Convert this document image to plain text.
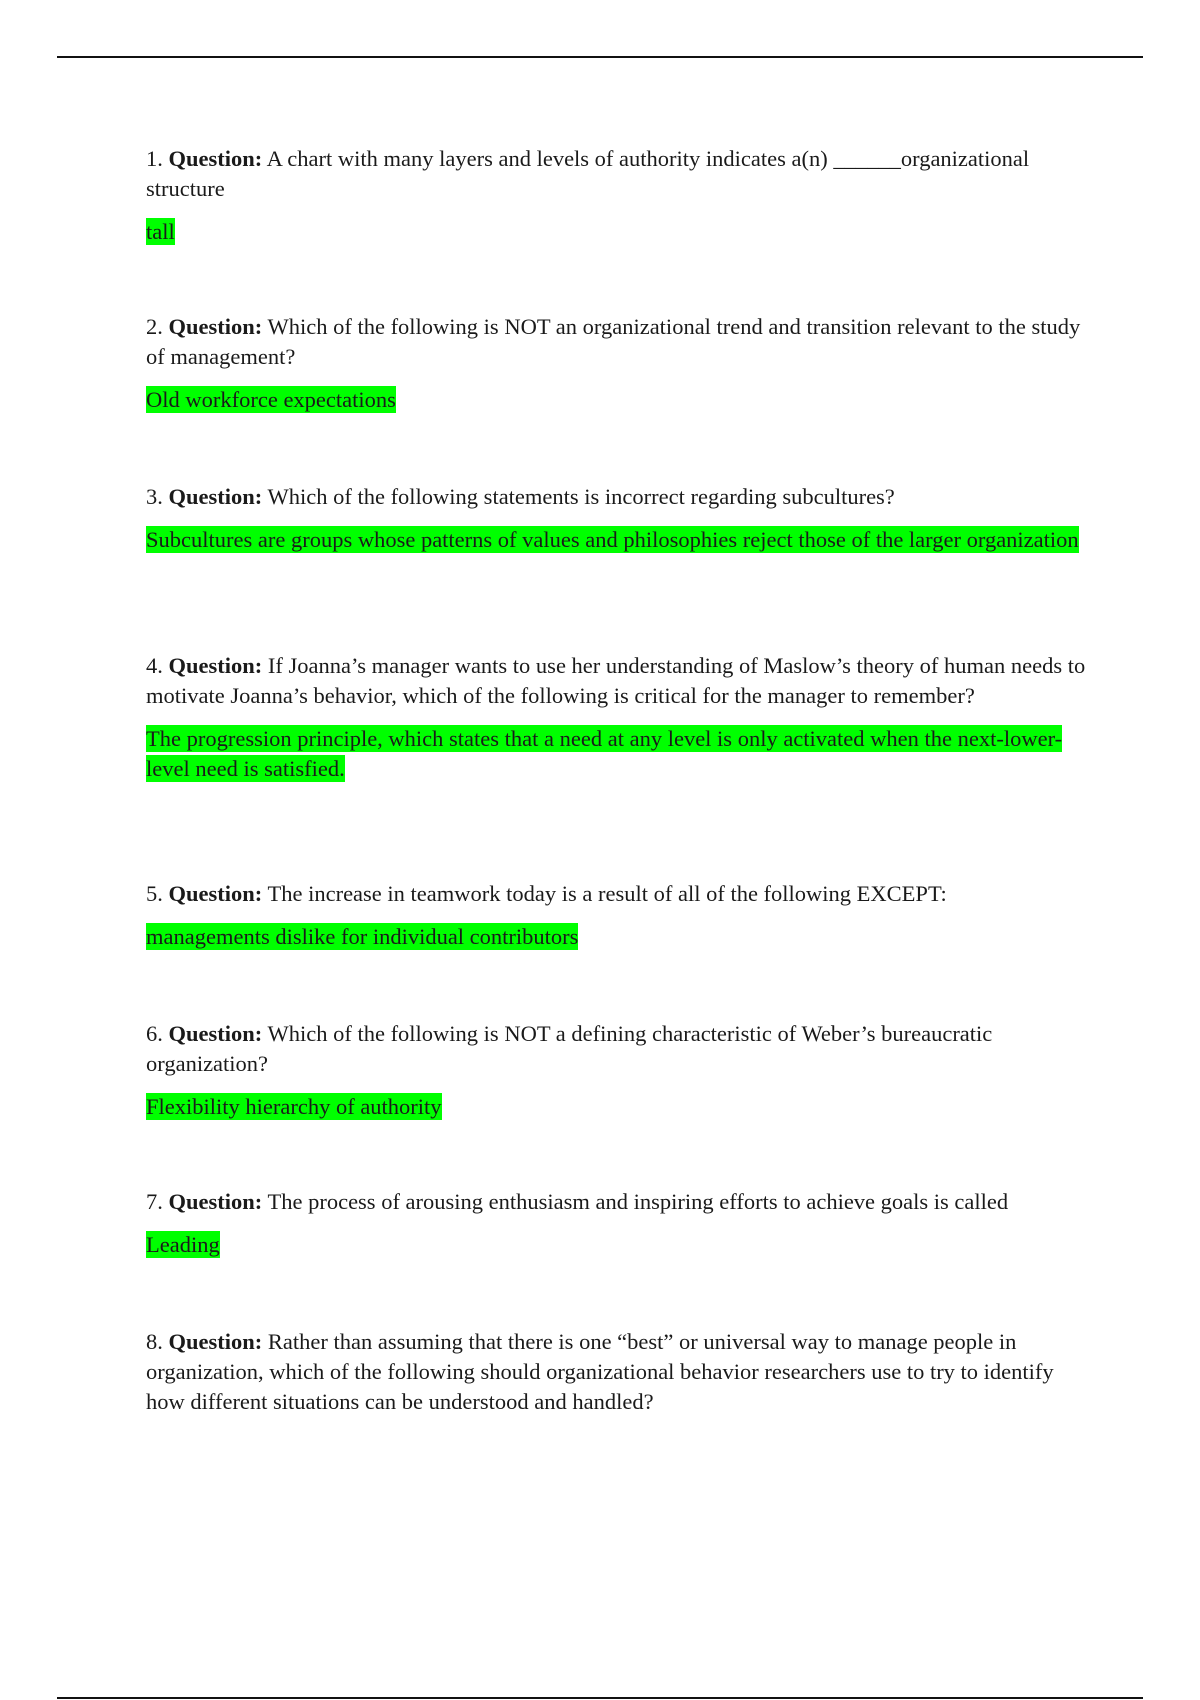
1. Question: A chart with many layers and levels of authority indicates a(n) ______organizational structure

tall

2. Question: Which of the following is NOT an organizational trend and transition relevant to the study of management?

Old workforce expectations

3. Question: Which of the following statements is incorrect regarding subcultures?

Subcultures are groups whose patterns of values and philosophies reject those of the larger organization

4. Question: If Joanna’s manager wants to use her understanding of Maslow’s theory of human needs to motivate Joanna’s behavior, which of the following is critical for the manager to remember?

The progression principle, which states that a need at any level is only activated when the next-lower-level need is satisfied.

5. Question: The increase in teamwork today is a result of all of the following EXCEPT:

managements dislike for individual contributors

6. Question: Which of the following is NOT a defining characteristic of Weber’s bureaucratic organization?

Flexibility hierarchy of authority

7. Question: The process of arousing enthusiasm and inspiring efforts to achieve goals is called

Leading

8. Question: Rather than assuming that there is one “best” or universal way to manage people in organization, which of the following should organizational behavior researchers use to try to identify how different situations can be understood and handled?
